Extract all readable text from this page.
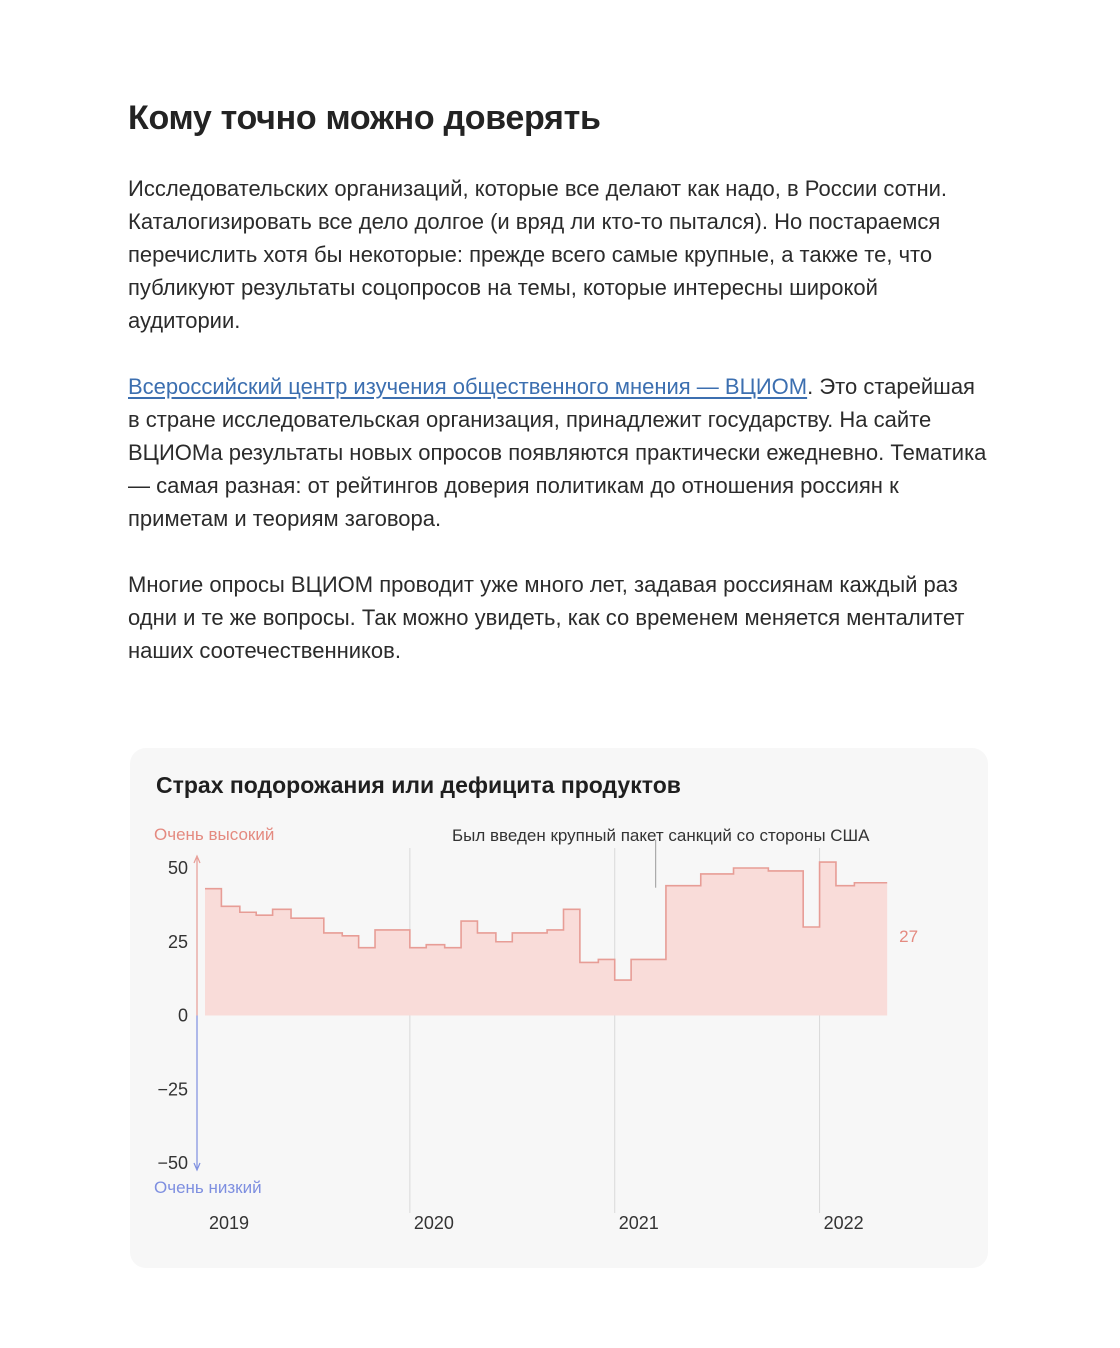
Кому точно можно доверять

Исследовательских организаций, которые все делают как надо, в России сотни. Каталогизировать все дело долгое (и вряд ли кто-то пытался). Но постараемся перечислить хотя бы некоторые: прежде всего самые крупные, а также те, что публикуют результаты соцопросов на темы, которые интересны широкой аудитории.

Всероссийский центр изучения общественного мнения — ВЦИОМ. Это старейшая в стране исследовательская организация, принадлежит государству. На сайте ВЦИОМа результаты новых опросов появляются практически ежедневно. Тематика — самая разная: от рейтингов доверия политикам до отношения россиян к приметам и теориям заговора.

Многие опросы ВЦИОМ проводит уже много лет, задавая россиянам каждый раз одни и те же вопросы. Так можно увидеть, как со временем меняется менталитет наших соотечественников.

Страх подорожания или дефицита продуктов
Был введен крупный пакет санкций со стороны США
27
Очень высокий
Очень низкий
50
25
0
−25
−50
2019	2020	2021	2022
